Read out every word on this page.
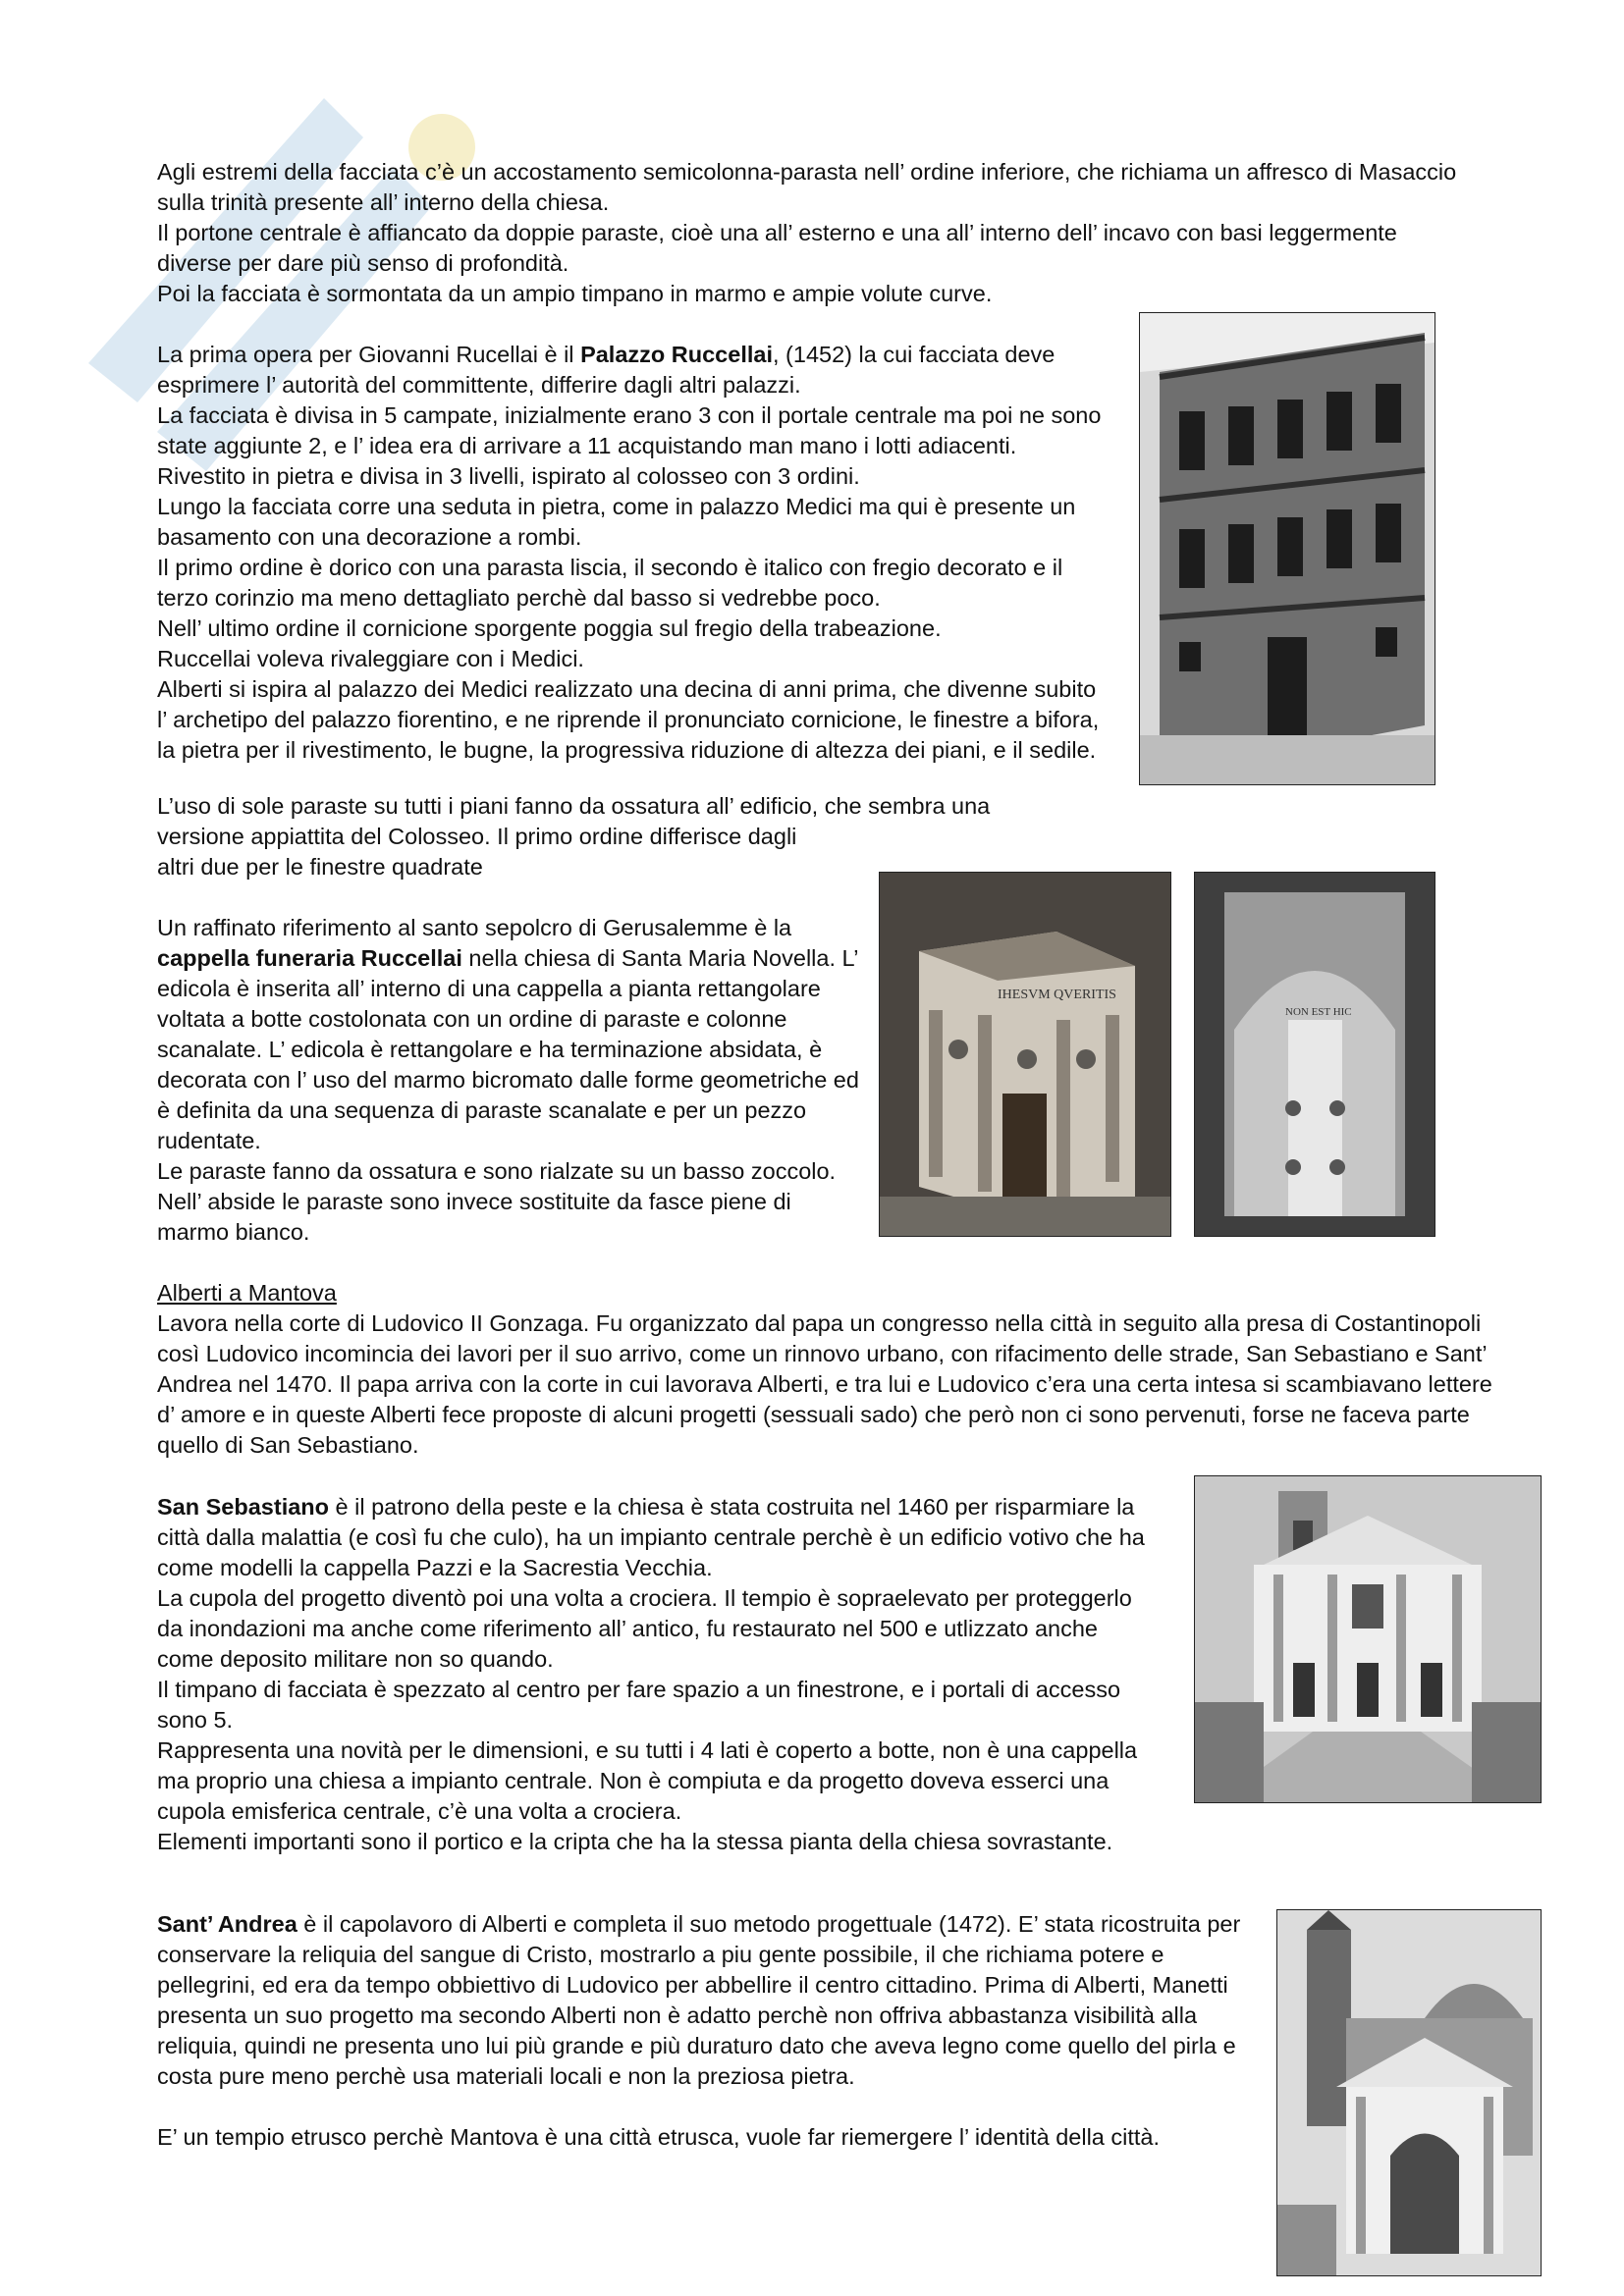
Agli estremi della facciata c’è un accostamento semicolonna-parasta nell’ ordine inferiore, che richiama un affresco di Masaccio sulla trinità presente all’ interno della chiesa.

Il portone centrale è affiancato da doppie paraste, cioè una all’ esterno e una all’ interno dell’ incavo con basi leggermente diverse per dare più senso di profondità.

Poi la facciata è sormontata da un ampio timpano in marmo e ampie volute curve.

La prima opera per Giovanni Rucellai è il Palazzo Ruccellai, (1452) la cui facciata deve esprimere l’ autorità del committente, differire dagli altri palazzi.

La facciata è divisa in 5 campate, inizialmente erano 3 con il portale centrale ma poi ne sono state aggiunte 2, e l’ idea era di arrivare a 11 acquistando man mano i lotti adiacenti. Rivestito in pietra e divisa in 3 livelli, ispirato al colosseo con 3 ordini.

Lungo la facciata corre una seduta in pietra, come in palazzo Medici ma qui è presente un basamento con una decorazione a rombi.

Il primo ordine è dorico con una parasta liscia, il secondo è italico con fregio decorato e il terzo corinzio ma meno dettagliato perchè dal basso si vedrebbe poco.

Nell’ ultimo ordine il cornicione sporgente poggia sul fregio della trabeazione.

Ruccellai voleva rivaleggiare con i Medici.

Alberti si ispira al palazzo dei Medici realizzato una decina di anni prima, che divenne subito l’ archetipo del palazzo fiorentino, e ne riprende il pronunciato cornicione, le finestre a bifora, la pietra per il rivestimento, le bugne, la progressiva riduzione di altezza dei piani, e il sedile.

L’uso di sole paraste su tutti i piani fanno da ossatura all’ edificio, che sembra una

versione appiattita del Colosseo. Il primo ordine differisce dagli

altri due per le finestre quadrate

Un raffinato riferimento al santo sepolcro di Gerusalemme è la cappella funeraria Ruccellai nella chiesa di Santa Maria Novella. L’ edicola è inserita all’ interno di una cappella a pianta rettangolare voltata a botte costolonata con un ordine di paraste e colonne scanalate. L’ edicola è rettangolare e ha terminazione absidata, è decorata con l’ uso del marmo bicromato dalle forme geometriche ed è definita da una sequenza di paraste scanalate e per un pezzo rudentate.

Le paraste fanno da ossatura e sono rialzate su un basso zoccolo. Nell’ abside le paraste sono invece sostituite da fasce piene di marmo bianco.

IHESVM QVERITIS
NON EST HIC

Alberti a Mantova

Lavora nella corte di Ludovico II Gonzaga. Fu organizzato dal papa un congresso nella città in seguito alla presa di Costantinopoli così Ludovico incomincia dei lavori per il suo arrivo, come un rinnovo urbano, con rifacimento delle strade, San Sebastiano e Sant’ Andrea nel 1470. Il papa arriva con la corte in cui lavorava Alberti, e tra lui e Ludovico c’era una certa intesa si scambiavano lettere d’ amore e in queste Alberti fece proposte di alcuni progetti (sessuali sado) che però non ci sono pervenuti, forse ne faceva parte quello di San Sebastiano.

San Sebastiano è il patrono della peste e la chiesa è stata costruita nel 1460 per risparmiare la città dalla malattia (e così fu che culo), ha un impianto centrale perchè è un edificio votivo che ha come modelli la cappella Pazzi e la Sacrestia Vecchia.

La cupola del progetto diventò poi una volta a crociera. Il tempio è sopraelevato per proteggerlo da inondazioni ma anche come riferimento all’ antico, fu restaurato nel 500 e utlizzato anche come deposito militare non so quando.

Il timpano di facciata è spezzato al centro per fare spazio a un finestrone, e i portali di accesso sono 5.

Rappresenta una novità per le dimensioni, e su tutti i 4 lati è coperto a botte, non è una cappella ma proprio una chiesa a impianto centrale. Non è compiuta e da progetto doveva esserci una cupola emisferica centrale, c’è una volta a crociera.

Elementi importanti sono il portico e la cripta che ha la stessa pianta della chiesa sovrastante.

Sant’ Andrea è il capolavoro di Alberti e completa il suo metodo progettuale (1472). E’ stata ricostruita per conservare la reliquia del sangue di Cristo, mostrarlo a piu gente possibile, il che richiama potere e pellegrini, ed era da tempo obbiettivo di Ludovico per abbellire il centro cittadino. Prima di Alberti, Manetti presenta un suo progetto ma secondo Alberti non è adatto perchè non offriva abbastanza visibilità alla reliquia, quindi ne presenta uno lui più grande e più duraturo dato che aveva legno come quello del pirla e costa pure meno perchè usa materiali locali e non la preziosa pietra.

E’ un tempio etrusco perchè Mantova è una città etrusca, vuole far riemergere l’ identità della città.
